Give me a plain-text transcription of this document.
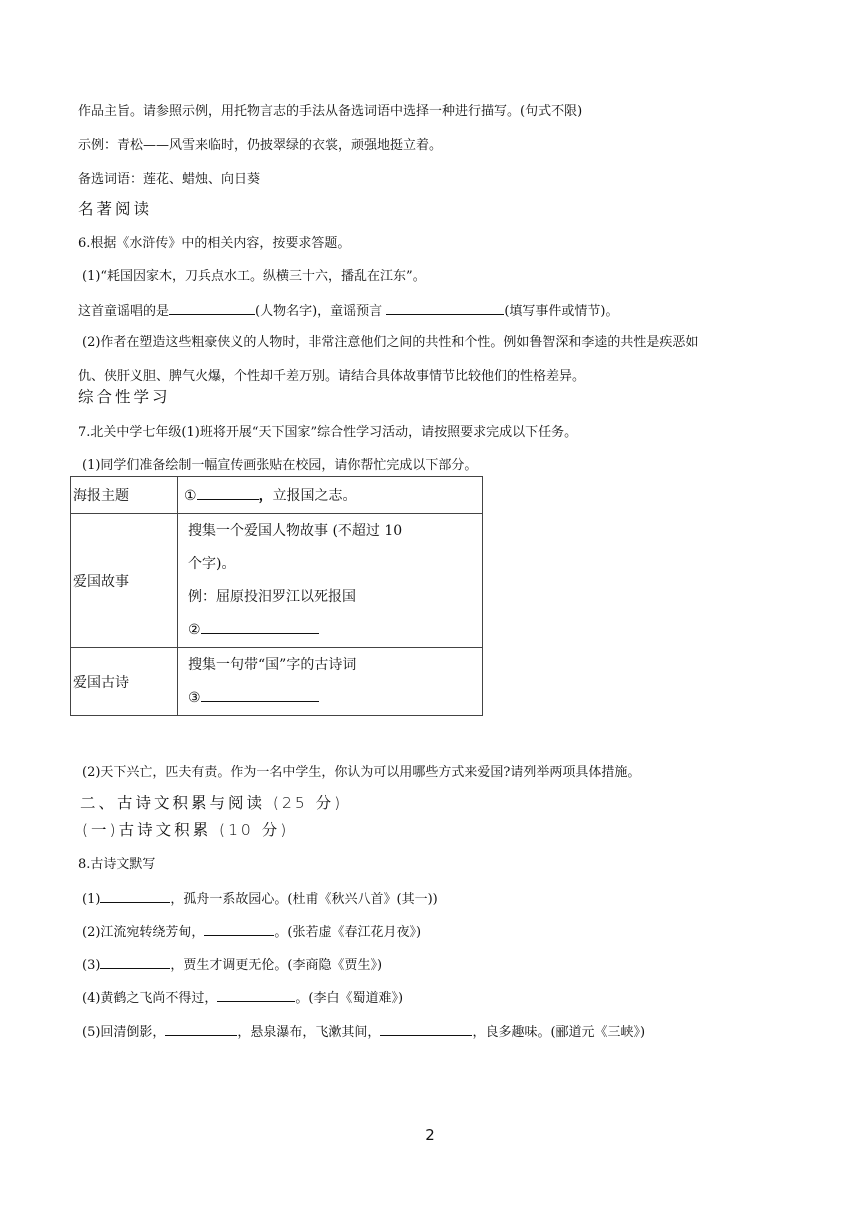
作品主旨。请参照示例，用托物言志的手法从备选词语中选择一种进行描写。(句式不限)
示例：青松——风雪来临时，仍披翠绿的衣裳，顽强地挺立着。
备选词语：莲花、蜡烛、向日葵
名著阅读
6.根据《水浒传》中的相关内容，按要求答题。
(1)“耗国因家木，刀兵点水工。纵横三十六，播乱在江东”。
这首童谣唱的是	(人物名字)，童谣预言	(填写事件或情节)。
(2)作者在塑造这些粗豪侠义的人物时，非常注意他们之间的共性和个性。例如鲁智深和李逵的共性是疾恶如
仇、侠肝义胆、脾气火爆，个性却千差万别。请结合具体故事情节比较他们的性格差异。
综合性学习
7.北关中学七年级(1)班将开展“天下国家”综合性学习活动，请按照要求完成以下任务。
(1)同学们准备绘制一幅宣传画张贴在校园，请你帮忙完成以下部分。
海报主题	① ，立报国之志。
爱国故事	搜集一个爱国人物故事 (不超过 10
个字)。
例：屈原投汨罗江以死报国
②

爱国古诗	搜集一句带“国”字的古诗词
③
(2)天下兴亡，匹夫有责。作为一名中学生，你认为可以用哪些方式来爱国?请列举两项具体措施。
二、古诗文积累与阅读 (25 分)
(一)古诗文积累 (10 分)
8.古诗文默写
(1)	，孤舟一系故园心。(杜甫《秋兴八首》(其一))
(2)江流宛转绕芳甸，	。(张若虚《春江花月夜》)
(3)	，贾生才调更无伦。(李商隐《贾生》)
(4)黄鹤之飞尚不得过，	。(李白《蜀道难》)
(5)回清倒影，	，悬泉瀑布，飞漱其间，	，良多趣味。(郦道元《三峡》)
2
